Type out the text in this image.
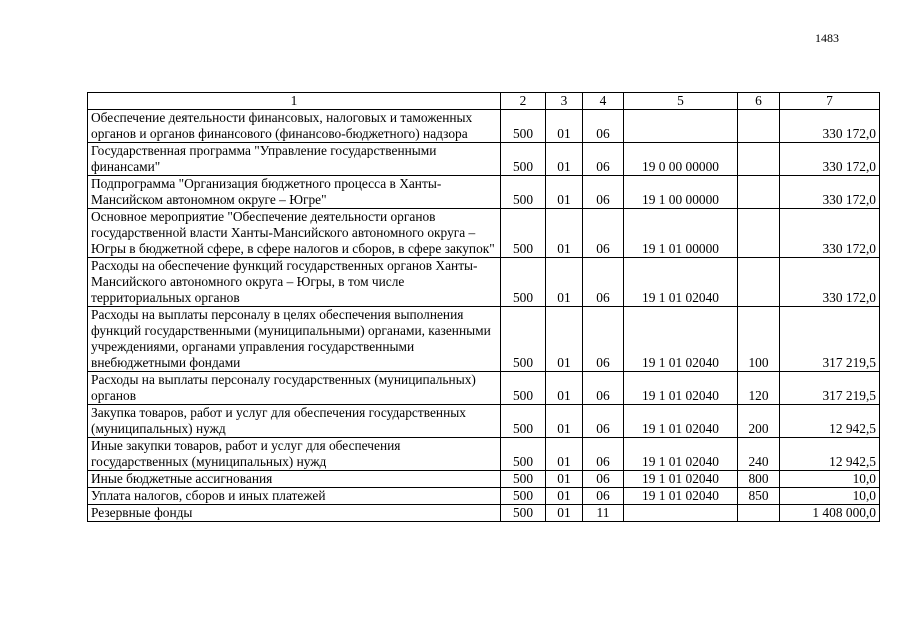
1483
1	2	3	4	5	6	7
Обеспечение деятельности финансовых, налоговых и таможенных органов и органов финансового (финансово-бюджетного) надзора	500	01	06			330 172,0
Государственная программа "Управление государственными финансами"	500	01	06	19 0 00 00000		330 172,0
Подпрограмма "Организация бюджетного процесса в Ханты-Мансийском автономном округе – Югре"	500	01	06	19 1 00 00000		330 172,0
Основное мероприятие "Обеспечение деятельности органов государственной власти Ханты-Мансийского автономного округа – Югры в бюджетной сфере, в сфере налогов и сборов, в сфере закупок"	500	01	06	19 1 01 00000		330 172,0
Расходы на обеспечение функций государственных органов Ханты-Мансийского автономного округа – Югры, в том числе территориальных органов	500	01	06	19 1 01 02040		330 172,0
Расходы на выплаты персоналу в целях обеспечения выполнения функций государственными (муниципальными) органами, казенными учреждениями, органами управления государственными внебюджетными фондами	500	01	06	19 1 01 02040	100	317 219,5
Расходы на выплаты персоналу государственных (муниципальных) органов	500	01	06	19 1 01 02040	120	317 219,5
Закупка товаров, работ и услуг для обеспечения государственных (муниципальных) нужд	500	01	06	19 1 01 02040	200	12 942,5
Иные закупки товаров, работ и услуг для обеспечения государственных (муниципальных) нужд	500	01	06	19 1 01 02040	240	12 942,5
Иные бюджетные ассигнования	500	01	06	19 1 01 02040	800	10,0
Уплата налогов, сборов и иных платежей	500	01	06	19 1 01 02040	850	10,0
Резервные фонды	500	01	11			1 408 000,0
